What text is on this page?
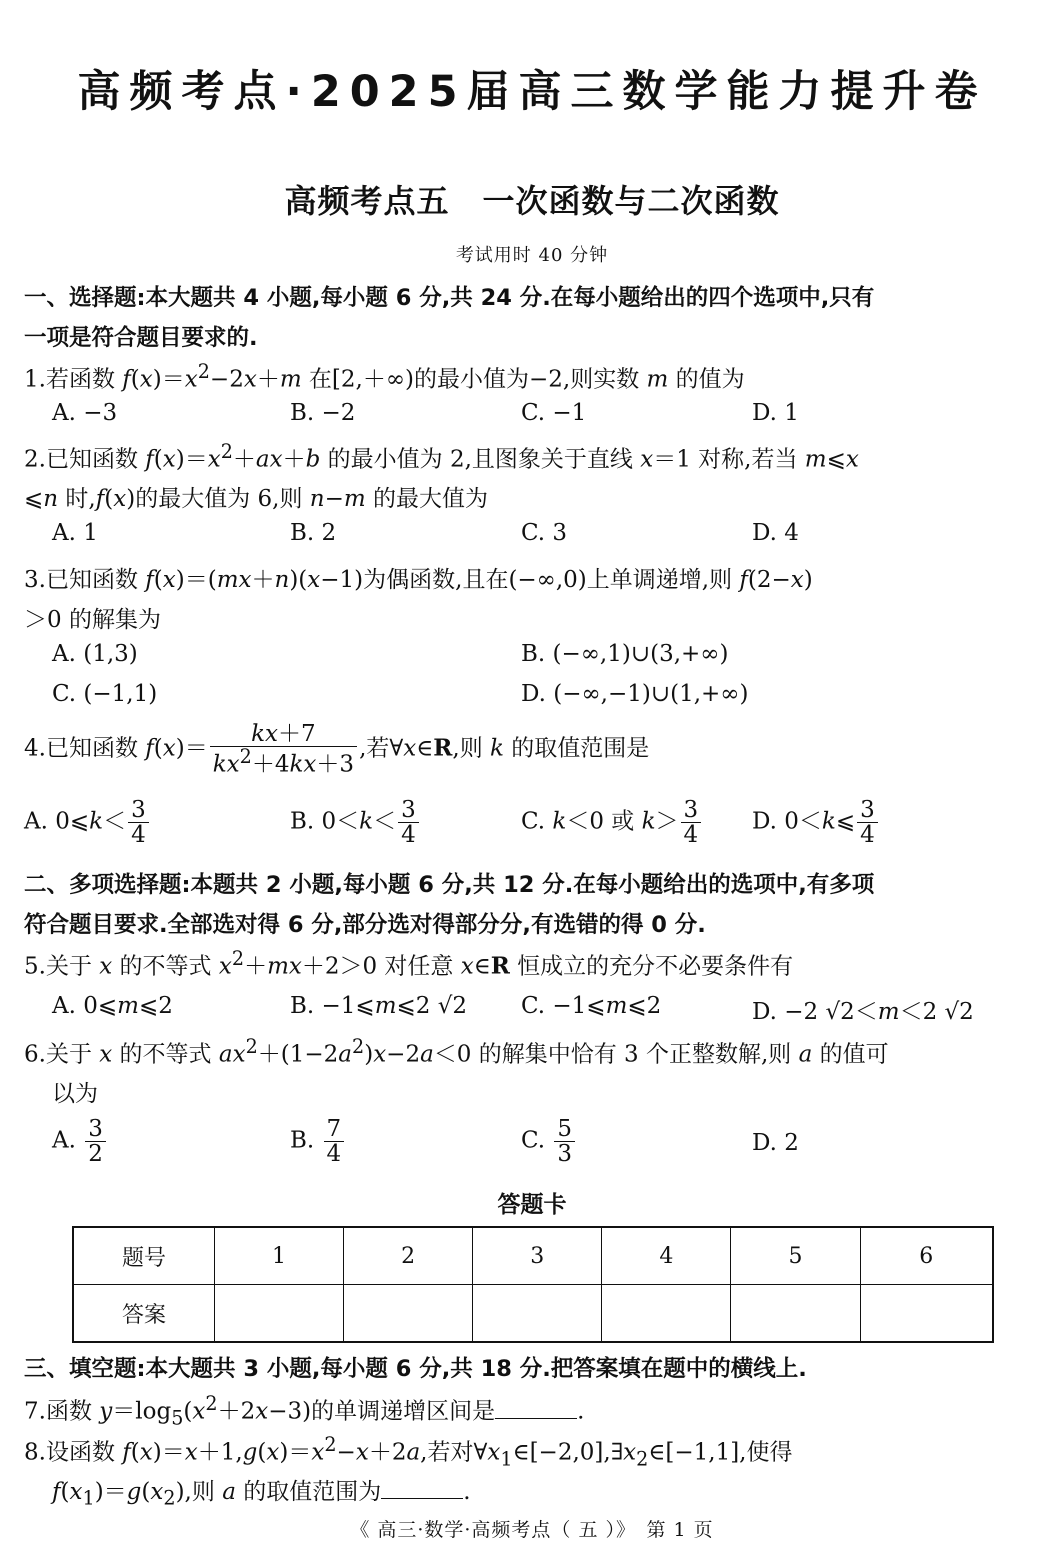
高频考点·2025届高三数学能力提升卷
高频考点五　一次函数与二次函数
考试用时 40 分钟
一、选择题:本大题共 4 小题,每小题 6 分,共 24 分.在每小题给出的四个选项中,只有
一项是符合题目要求的.
1.若函数 $f(x)=x^2-2x+m$ 在[2,＋∞)的最小值为−2,则实数 m 的值为
A. −3	B. −2	C. −1	D. 1
2.已知函数 $f(x)=x^2+ax+b$ 的最小值为 2,且图象关于直线 x＝1 对称,若当 m⩽x
⩽n 时,f(x)的最大值为 6,则 n−m 的最大值为
A. 1	B. 2	C. 3	D. 4
3.已知函数 f(x)＝(mx＋n)(x−1)为偶函数,且在(−∞,0)上单调递增,则 f(2−x)
＞0 的解集为
A. (1,3)	B. (−∞,1)∪(3,+∞)
C. (−1,1)	D. (−∞,−1)∪(1,+∞)
4.已知函数 $f(x)= \frac{kx+7}{kx^2+4kx+3}$ ,若∀x∈R,则 k 的取值范围是
A. 0⩽k＜ $\frac{3}{4}$	B. $0<k< \frac{3}{4}$	C. k＜0 或 $k> \frac{3}{4} D$. 0＜k⩽ $\frac{3}{4}$
二、多项选择题:本题共 2 小题,每小题 6 分,共 12 分.在每小题给出的选项中,有多项
符合题目要求.全部选对得 6 分,部分选对得部分分,有选错的得 0 分.
5.关于 x 的不等式 $x^2+mx+2>0$ 对任意 x∈R 恒成立的充分不必要条件有
A. 0⩽m⩽2	B. −1⩽m⩽2 √2 C. −1⩽m⩽2	D. −2 √2＜m＜2 √2
6.关于 x 的不等式 $ax^2+(1-2a^2)x-2a<0$ 的解集中恰有 3 个正整数解,则 a 的值可
以为
A. $\frac{3}{2}$	B. $\frac{7}{4}$	C. $\frac{5}{3}$	D. 2
答题卡
题号	1	2	3	4	5	6
答案						
三、填空题:本大题共 3 小题,每小题 6 分,共 18 分.把答案填在题中的横线上.
7.函数 $y=\log_5(x^2+2x-3)$的单调递增区间是	.
8.设函数 $f(x)=x+1,g(x)=x^2-x+2a$,若对$\forall x_1\in[-2,0],\exists x_2\in[-1,1]$,使得
$f(x_1)=g(x_2)$,则 a 的取值范围为	.
《 高三·数学·高频考点（ 五 ）》　第 1 页
